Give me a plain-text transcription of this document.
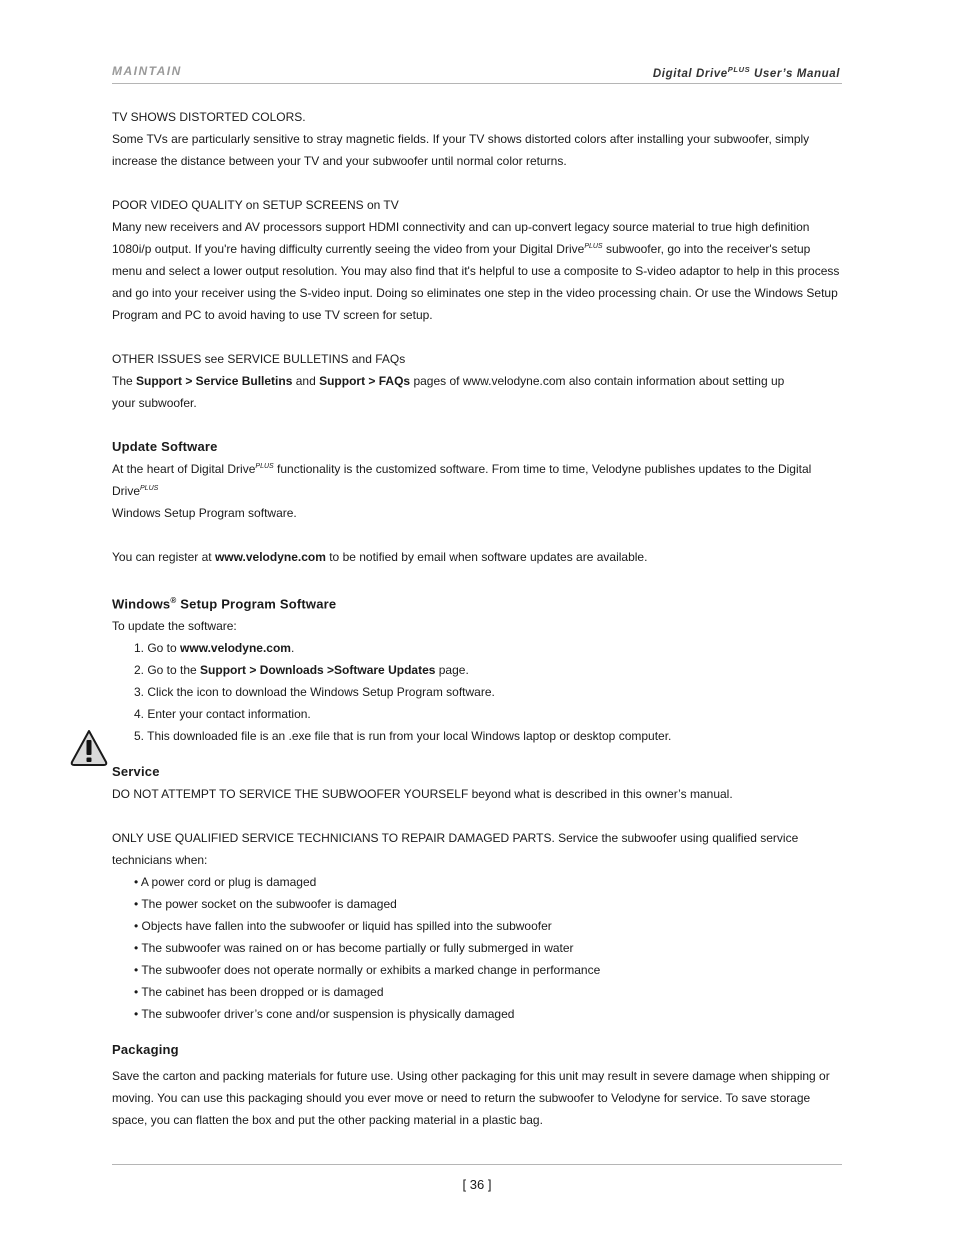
MAINTAIN	Digital Drive$^{PLUS}$ User’s Manual

TV SHOWS DISTORTED COLORS.

Some TVs are particularly sensitive to stray magnetic fields. If your TV shows distorted colors after installing your subwoofer, simply increase the distance between your TV and your subwoofer until normal color returns.

POOR VIDEO QUALITY on SETUP SCREENS on TV

Many new receivers and AV processors support HDMI connectivity and can up-convert legacy source material to true high definition 1080i/p output. If you're having difficulty currently seeing the video from your Digital Drive$^{PLUS}$ subwoofer, go into the receiver's setup menu and select a lower output resolution. You may also find that it's helpful to use a composite to S-video adaptor to help in this process and go into your receiver using the S-video input. Doing so eliminates one step in the video processing chain. Or use the Windows Setup Program and PC to avoid having to use TV screen for setup.

OTHER ISSUES see SERVICE BULLETINS and FAQs

The Support > Service Bulletins and Support > FAQs pages of www.velodyne.com also contain information about setting up

your subwoofer.

Update Software

At the heart of Digital Drive$^{PLUS}$ functionality is the customized software. From time to time, Velodyne publishes updates to the Digital Drive$^{PLUS}$

Windows Setup Program software.

You can register at www.velodyne.com to be notified by email when software updates are available.

Windows® Setup Program Software

To update the software:

1. Go to www.velodyne.com.
2. Go to the Support > Downloads >Software Updates page.
3. Click the icon to download the Windows Setup Program software.
4. Enter your contact information.
5. This downloaded file is an .exe file that is run from your local Windows laptop or desktop computer.

Service

DO NOT ATTEMPT TO SERVICE THE SUBWOOFER YOURSELF beyond what is described in this owner’s manual.

ONLY USE QUALIFIED SERVICE TECHNICIANS TO REPAIR DAMAGED PARTS. Service the subwoofer using qualified service technicians when:

• A power cord or plug is damaged
• The power socket on the subwoofer is damaged
• Objects have fallen into the subwoofer or liquid has spilled into the subwoofer
• The subwoofer was rained on or has become partially or fully submerged in water
• The subwoofer does not operate normally or exhibits a marked change in performance
• The cabinet has been dropped or is damaged
• The subwoofer driver’s cone and/or suspension is physically damaged

Packaging

Save the carton and packing materials for future use. Using other packaging for this unit may result in severe damage when shipping or moving. You can use this packaging should you ever move or need to return the subwoofer to Velodyne for service. To save storage space, you can flatten the box and put the other packing material in a plastic bag.

[ 36 ]
